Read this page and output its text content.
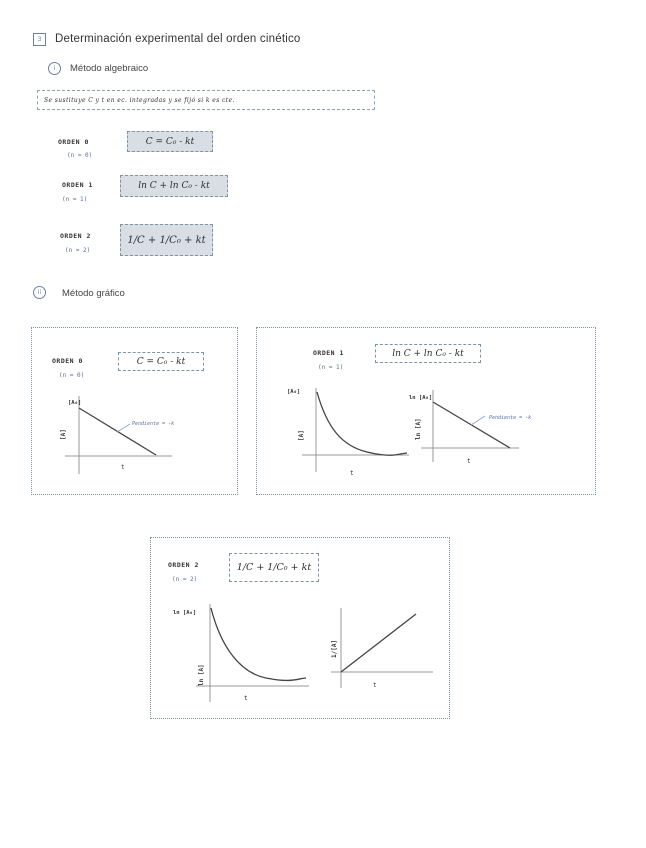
3 Determinación experimental del orden cinético
i Método algebraico
Se sustituye C y t en ec. integradas y se fijó si k es cte.
ORDEN 0
(n = 0)
C = C₀ - kt
ORDEN 1
(n = 1)
ln C + ln C₀ - kt
ORDEN 2
(n = 2)
1/C + 1/C₀ + kt
ii Método gráfico
ORDEN 0
(n = 0)
C = C₀ - kt
[A₀]
[A]
t
Pendiente = -k
ORDEN 1
(n = 1)
ln C + ln C₀ - kt
[A₀]
[A]
t
ln [A₀]
ln [A]
t
Pendiente = -k
ORDEN 2
(n = 2)
1/C + 1/C₀ + kt
ln [A₀]
ln [A]
t
1/[A]
t
